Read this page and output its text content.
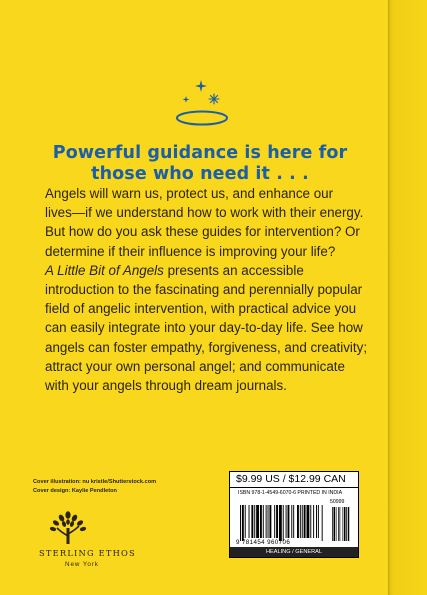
Powerful guidance is here for
those who need it . . .
Angels will warn us, protect us, and enhance our
lives—if we understand how to work with their energy.
But how do you ask these guides for intervention? Or
determine if their influence is improving your life?
A Little Bit of Angels presents an accessible
introduction to the fascinating and perennially popular
field of angelic intervention, with practical advice you
can easily integrate into your day-to-day life. See how
angels can foster empathy, forgiveness, and creativity;
attract your own personal angel; and communicate
with your angels through dream journals.
Cover illustration: nu kristle/Shutterstock.com
Cover design: Kaylie Pendleton
STERLING ETHOS
New York
$9.99 US / $12.99 CAN
ISBN 978-1-4549-6070-6 PRINTED IN INDIA
50999
9 781454 960706
HEALING / GENERAL
